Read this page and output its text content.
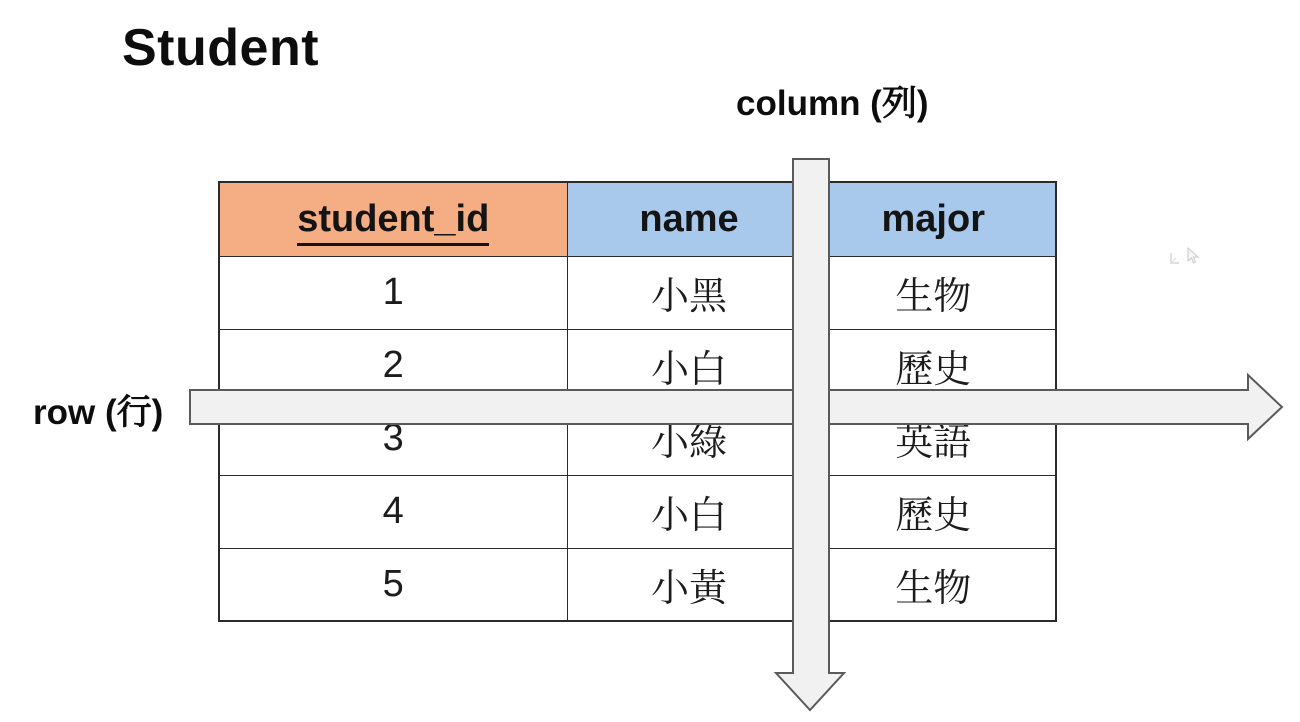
Student
column (列)
row (行)
student_id	name	major
1	小黑	生物
2	小白	歷史
3	小綠	英語
4	小白	歷史
5	小黃	生物
